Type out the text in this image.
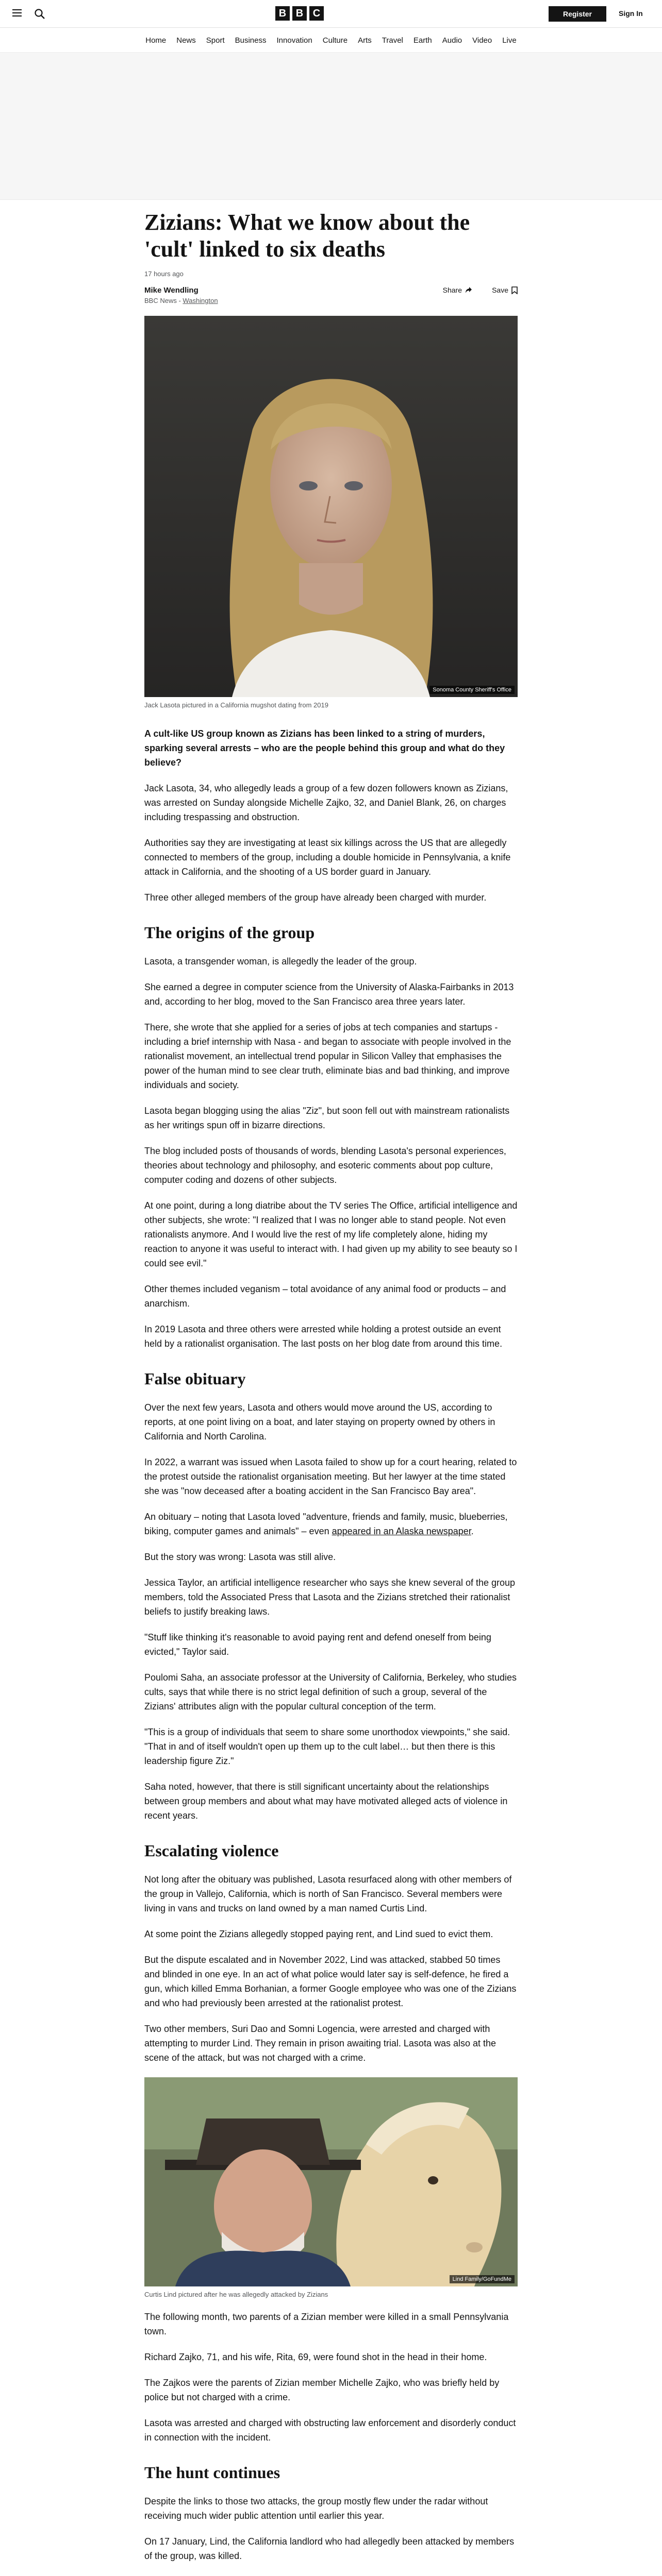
B B C	Register	Sign In
Home News Sport Business Innovation Culture Arts Travel Earth Audio Video Live
Zizians: What we know about the 'cult' linked to six deaths
17 hours ago
Mike Wendling
BBC News - Washington
Share	Save
Sonoma County Sheriff's Office
Jack Lasota pictured in a California mugshot dating from 2019

A cult-like US group known as Zizians has been linked to a string of murders, sparking several arrests – who are the people behind this group and what do they believe?

Jack Lasota, 34, who allegedly leads a group of a few dozen followers known as Zizians, was arrested on Sunday alongside Michelle Zajko, 32, and Daniel Blank, 26, on charges including trespassing and obstruction.

Authorities say they are investigating at least six killings across the US that are allegedly connected to members of the group, including a double homicide in Pennsylvania, a knife attack in California, and the shooting of a US border guard in January.

Three other alleged members of the group have already been charged with murder.

The origins of the group

Lasota, a transgender woman, is allegedly the leader of the group.

She earned a degree in computer science from the University of Alaska-Fairbanks in 2013 and, according to her blog, moved to the San Francisco area three years later.

There, she wrote that she applied for a series of jobs at tech companies and startups - including a brief internship with Nasa - and began to associate with people involved in the rationalist movement, an intellectual trend popular in Silicon Valley that emphasises the power of the human mind to see clear truth, eliminate bias and bad thinking, and improve individuals and society.

Lasota began blogging using the alias "Ziz", but soon fell out with mainstream rationalists as her writings spun off in bizarre directions.

The blog included posts of thousands of words, blending Lasota's personal experiences, theories about technology and philosophy, and esoteric comments about pop culture, computer coding and dozens of other subjects.

At one point, during a long diatribe about the TV series The Office, artificial intelligence and other subjects, she wrote: "I realized that I was no longer able to stand people. Not even rationalists anymore. And I would live the rest of my life completely alone, hiding my reaction to anyone it was useful to interact with. I had given up my ability to see beauty so I could see evil."

Other themes included veganism – total avoidance of any animal food or products – and anarchism.

In 2019 Lasota and three others were arrested while holding a protest outside an event held by a rationalist organisation. The last posts on her blog date from around this time.

False obituary

Over the next few years, Lasota and others would move around the US, according to reports, at one point living on a boat, and later staying on property owned by others in California and North Carolina.

In 2022, a warrant was issued when Lasota failed to show up for a court hearing, related to the protest outside the rationalist organisation meeting. But her lawyer at the time stated she was "now deceased after a boating accident in the San Francisco Bay area".

An obituary – noting that Lasota loved "adventure, friends and family, music, blueberries, biking, computer games and animals" – even appeared in an Alaska newspaper.

But the story was wrong: Lasota was still alive.

Jessica Taylor, an artificial intelligence researcher who says she knew several of the group members, told the Associated Press that Lasota and the Zizians stretched their rationalist beliefs to justify breaking laws.

"Stuff like thinking it's reasonable to avoid paying rent and defend oneself from being evicted," Taylor said.

Poulomi Saha, an associate professor at the University of California, Berkeley, who studies cults, says that while there is no strict legal definition of such a group, several of the Zizians' attributes align with the popular cultural conception of the term.

"This is a group of individuals that seem to share some unorthodox viewpoints," she said. "That in and of itself wouldn't open up them up to the cult label… but then there is this leadership figure Ziz."

Saha noted, however, that there is still significant uncertainty about the relationships between group members and about what may have motivated alleged acts of violence in recent years.

Escalating violence

Not long after the obituary was published, Lasota resurfaced along with other members of the group in Vallejo, California, which is north of San Francisco. Several members were living in vans and trucks on land owned by a man named Curtis Lind.

At some point the Zizians allegedly stopped paying rent, and Lind sued to evict them.

But the dispute escalated and in November 2022, Lind was attacked, stabbed 50 times and blinded in one eye. In an act of what police would later say is self-defence, he fired a gun, which killed Emma Borhanian, a former Google employee who was one of the Zizians and who had previously been arrested at the rationalist protest.

Two other members, Suri Dao and Somni Logencia, were arrested and charged with attempting to murder Lind. They remain in prison awaiting trial. Lasota was also at the scene of the attack, but was not charged with a crime.

Lind Family/GoFundMe
Curtis Lind pictured after he was allegedly attacked by Zizians

The following month, two parents of a Zizian member were killed in a small Pennsylvania town.

Richard Zajko, 71, and his wife, Rita, 69, were found shot in the head in their home.

The Zajkos were the parents of Zizian member Michelle Zajko, who was briefly held by police but not charged with a crime.

Lasota was arrested and charged with obstructing law enforcement and disorderly conduct in connection with the incident.

The hunt continues

Despite the links to those two attacks, the group mostly flew under the radar without receiving much wider public attention until earlier this year.

On 17 January, Lind, the California landlord who had allegedly been attacked by members of the group, was killed.
